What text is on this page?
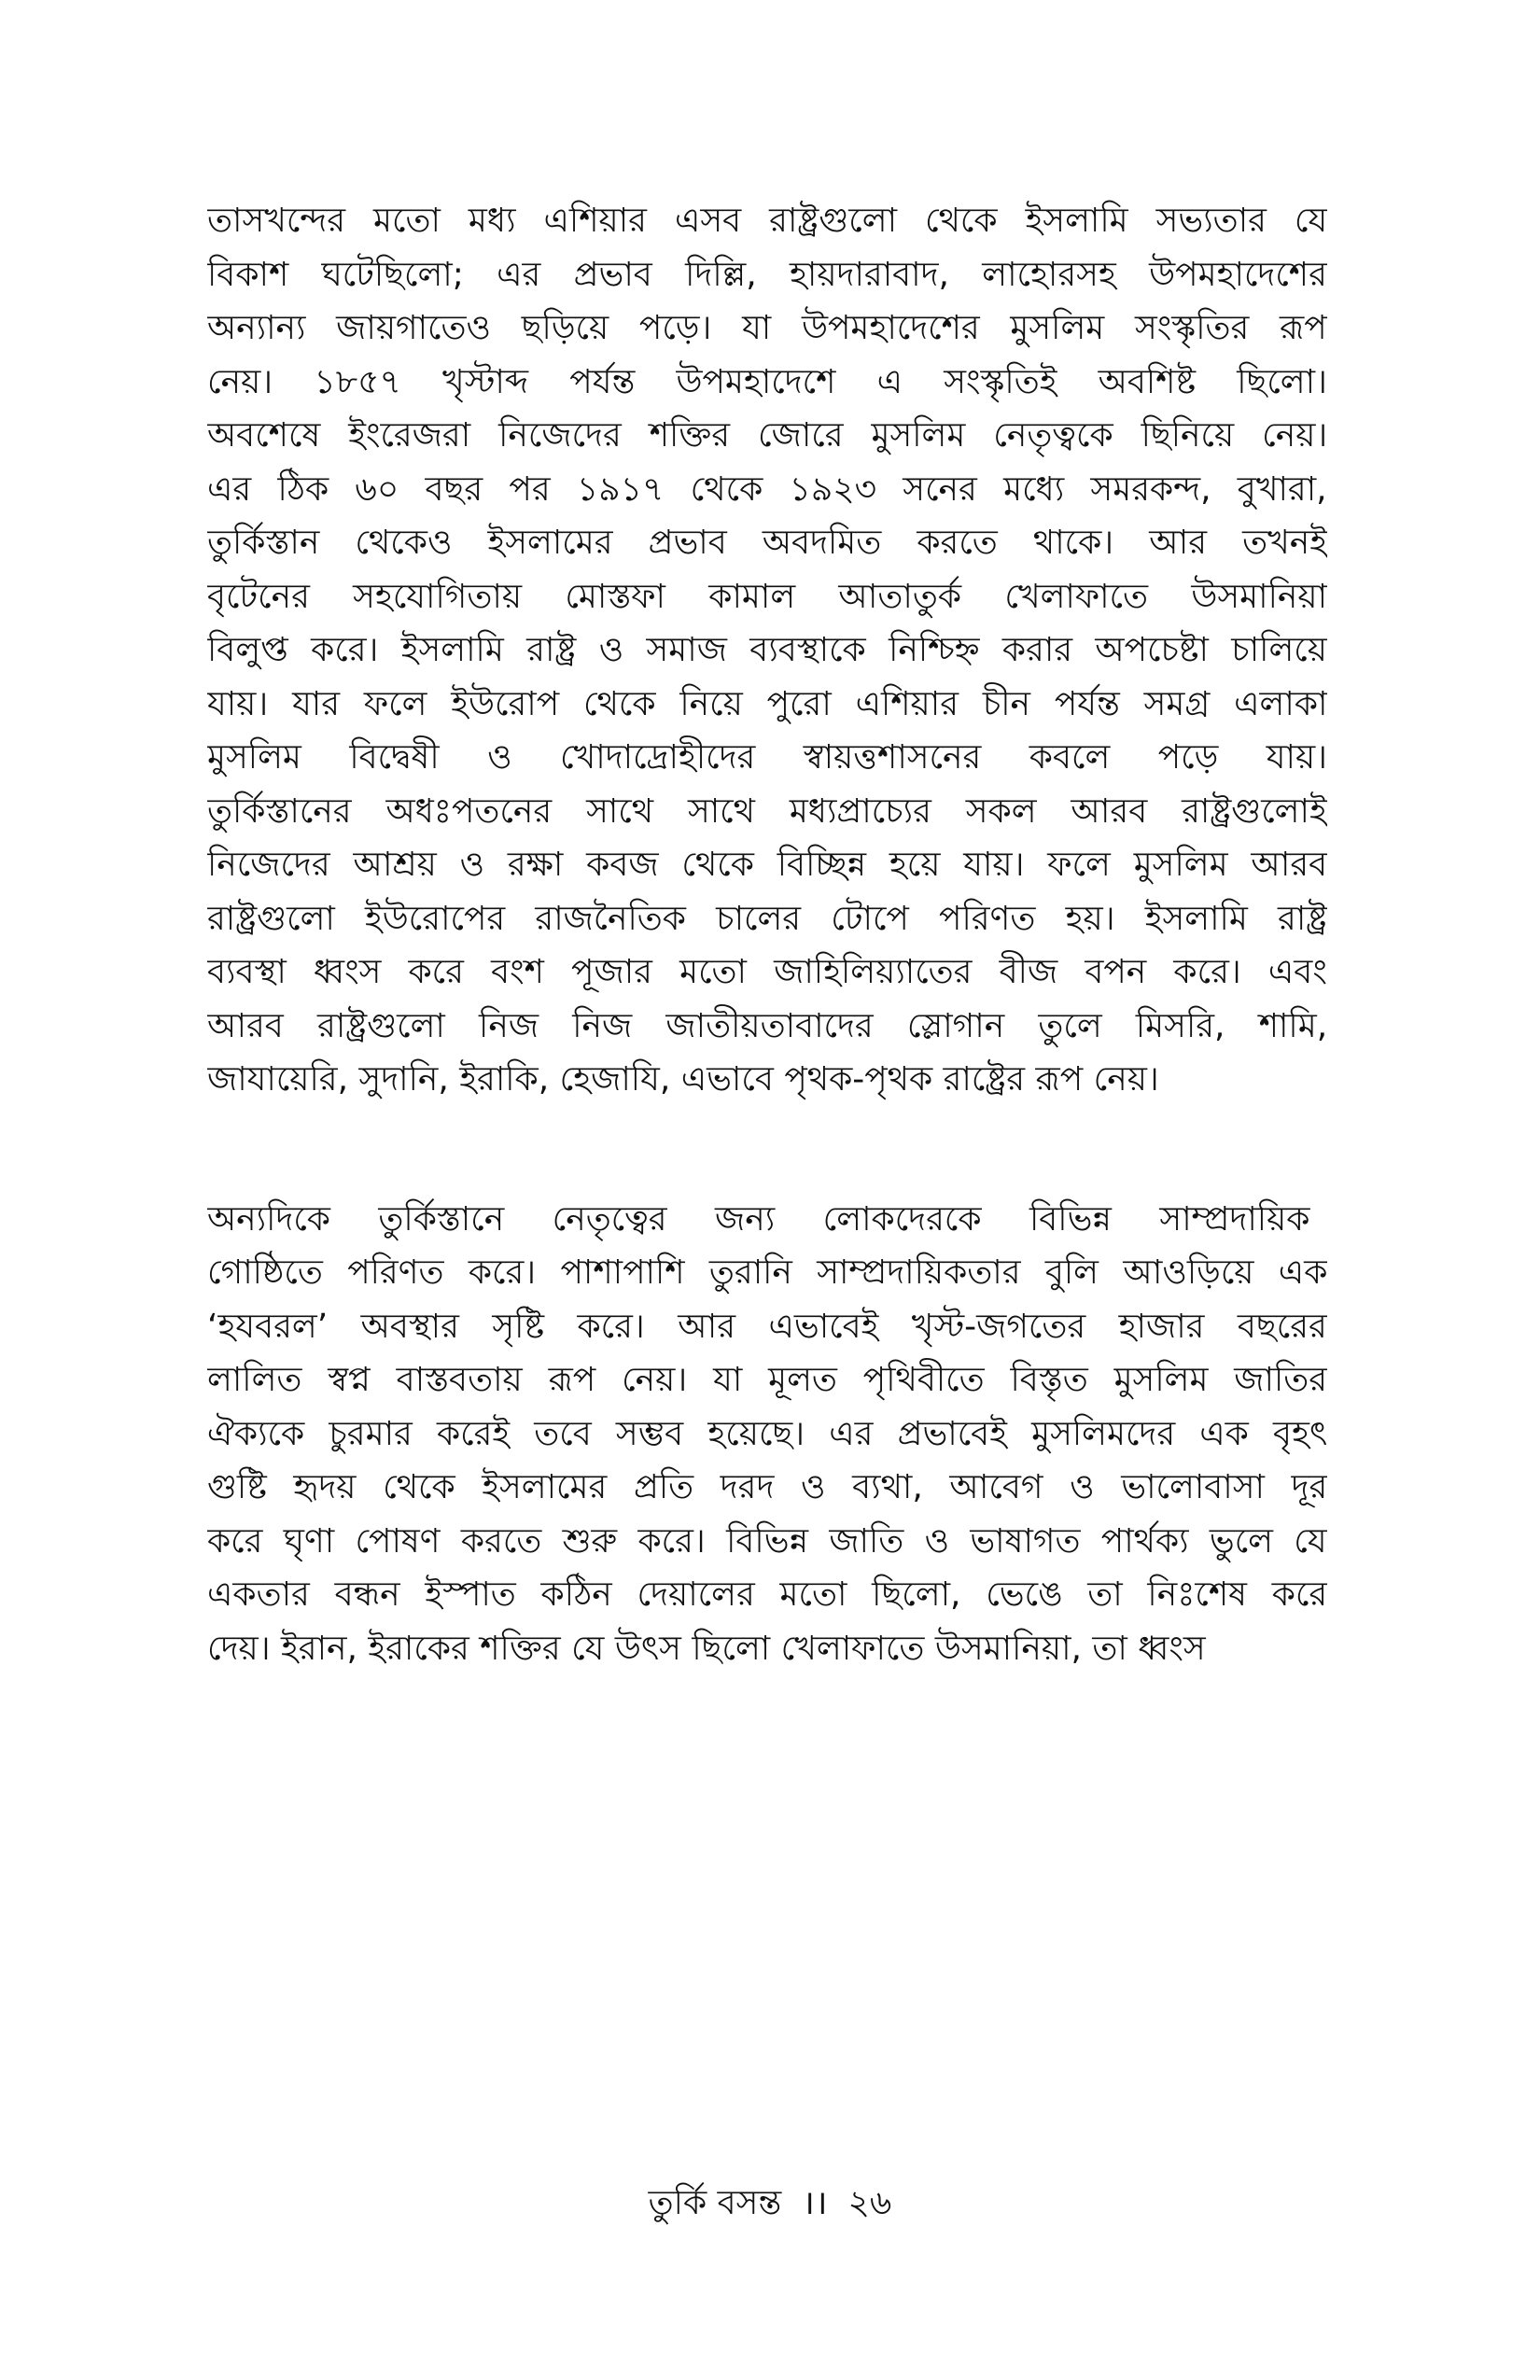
তাসখন্দের মতো মধ্য এশিয়ার এসব রাষ্ট্রগুলো থেকে ইসলামি সভ্যতার যে
বিকাশ ঘটেছিলো; এর প্রভাব দিল্লি, হায়দারাবাদ, লাহোরসহ উপমহাদেশের
অন্যান্য জায়গাতেও ছড়িয়ে পড়ে। যা উপমহাদেশের মুসলিম সংস্কৃতির রূপ
নেয়। ১৮৫৭ খৃস্টাব্দ পর্যন্ত উপমহাদেশে এ সংস্কৃতিই অবশিষ্ট ছিলো।
অবশেষে ইংরেজরা নিজেদের শক্তির জোরে মুসলিম নেতৃত্বকে ছিনিয়ে নেয়।
এর ঠিক ৬০ বছর পর ১৯১৭ থেকে ১৯২৩ সনের মধ্যে সমরকন্দ, বুখারা,
তুর্কিস্তান থেকেও ইসলামের প্রভাব অবদমিত করতে থাকে। আর তখনই
বৃটেনের সহযোগিতায় মোস্তফা কামাল আতাতুর্ক খেলাফাতে উসমানিয়া
বিলুপ্ত করে। ইসলামি রাষ্ট্র ও সমাজ ব্যবস্থাকে নিশ্চিহ্ন করার অপচেষ্টা চালিয়ে
যায়। যার ফলে ইউরোপ থেকে নিয়ে পুরো এশিয়ার চীন পর্যন্ত সমগ্র এলাকা
মুসলিম বিদ্বেষী ও খোদাদ্রোহীদের স্বায়ত্তশাসনের কবলে পড়ে যায়।
তুর্কিস্তানের অধঃপতনের সাথে সাথে মধ্যপ্রাচ্যের সকল আরব রাষ্ট্রগুলোই
নিজেদের আশ্রয় ও রক্ষা কবজ থেকে বিচ্ছিন্ন হয়ে যায়। ফলে মুসলিম আরব
রাষ্ট্রগুলো ইউরোপের রাজনৈতিক চালের টোপে পরিণত হয়। ইসলামি রাষ্ট্র
ব্যবস্থা ধ্বংস করে বংশ পূজার মতো জাহিলিয়্যাতের বীজ বপন করে। এবং
আরব রাষ্ট্রগুলো নিজ নিজ জাতীয়তাবাদের স্লোগান তুলে মিসরি, শামি,
জাযায়েরি, সুদানি, ইরাকি, হেজাযি, এভাবে পৃথক-পৃথক রাষ্ট্রের রূপ নেয়।

অন্যদিকে তুর্কিস্তানে নেতৃত্বের জন্য লোকদেরকে বিভিন্ন সাম্প্রদায়িক
গোষ্ঠিতে পরিণত করে। পাশাপাশি তুরানি সাম্প্রদায়িকতার বুলি আওড়িয়ে এক
‘হযবরল’ অবস্থার সৃষ্টি করে। আর এভাবেই খৃস্ট-জগতের হাজার বছরের
লালিত স্বপ্ন বাস্তবতায় রূপ নেয়। যা মূলত পৃথিবীতে বিস্তৃত মুসলিম জাতির
ঐক্যকে চুরমার করেই তবে সম্ভব হয়েছে। এর প্রভাবেই মুসলিমদের এক বৃহৎ
গুষ্টি হৃদয় থেকে ইসলামের প্রতি দরদ ও ব্যথা, আবেগ ও ভালোবাসা দূর
করে ঘৃণা পোষণ করতে শুরু করে। বিভিন্ন জাতি ও ভাষাগত পার্থক্য ভুলে যে
একতার বন্ধন ইস্পাত কঠিন দেয়ালের মতো ছিলো, ভেঙে তা নিঃশেষ করে
দেয়। ইরান, ইরাকের শক্তির যে উৎস ছিলো খেলাফাতে উসমানিয়া, তা ধ্বংস

তুর্কি বসন্ত ।। ২৬
